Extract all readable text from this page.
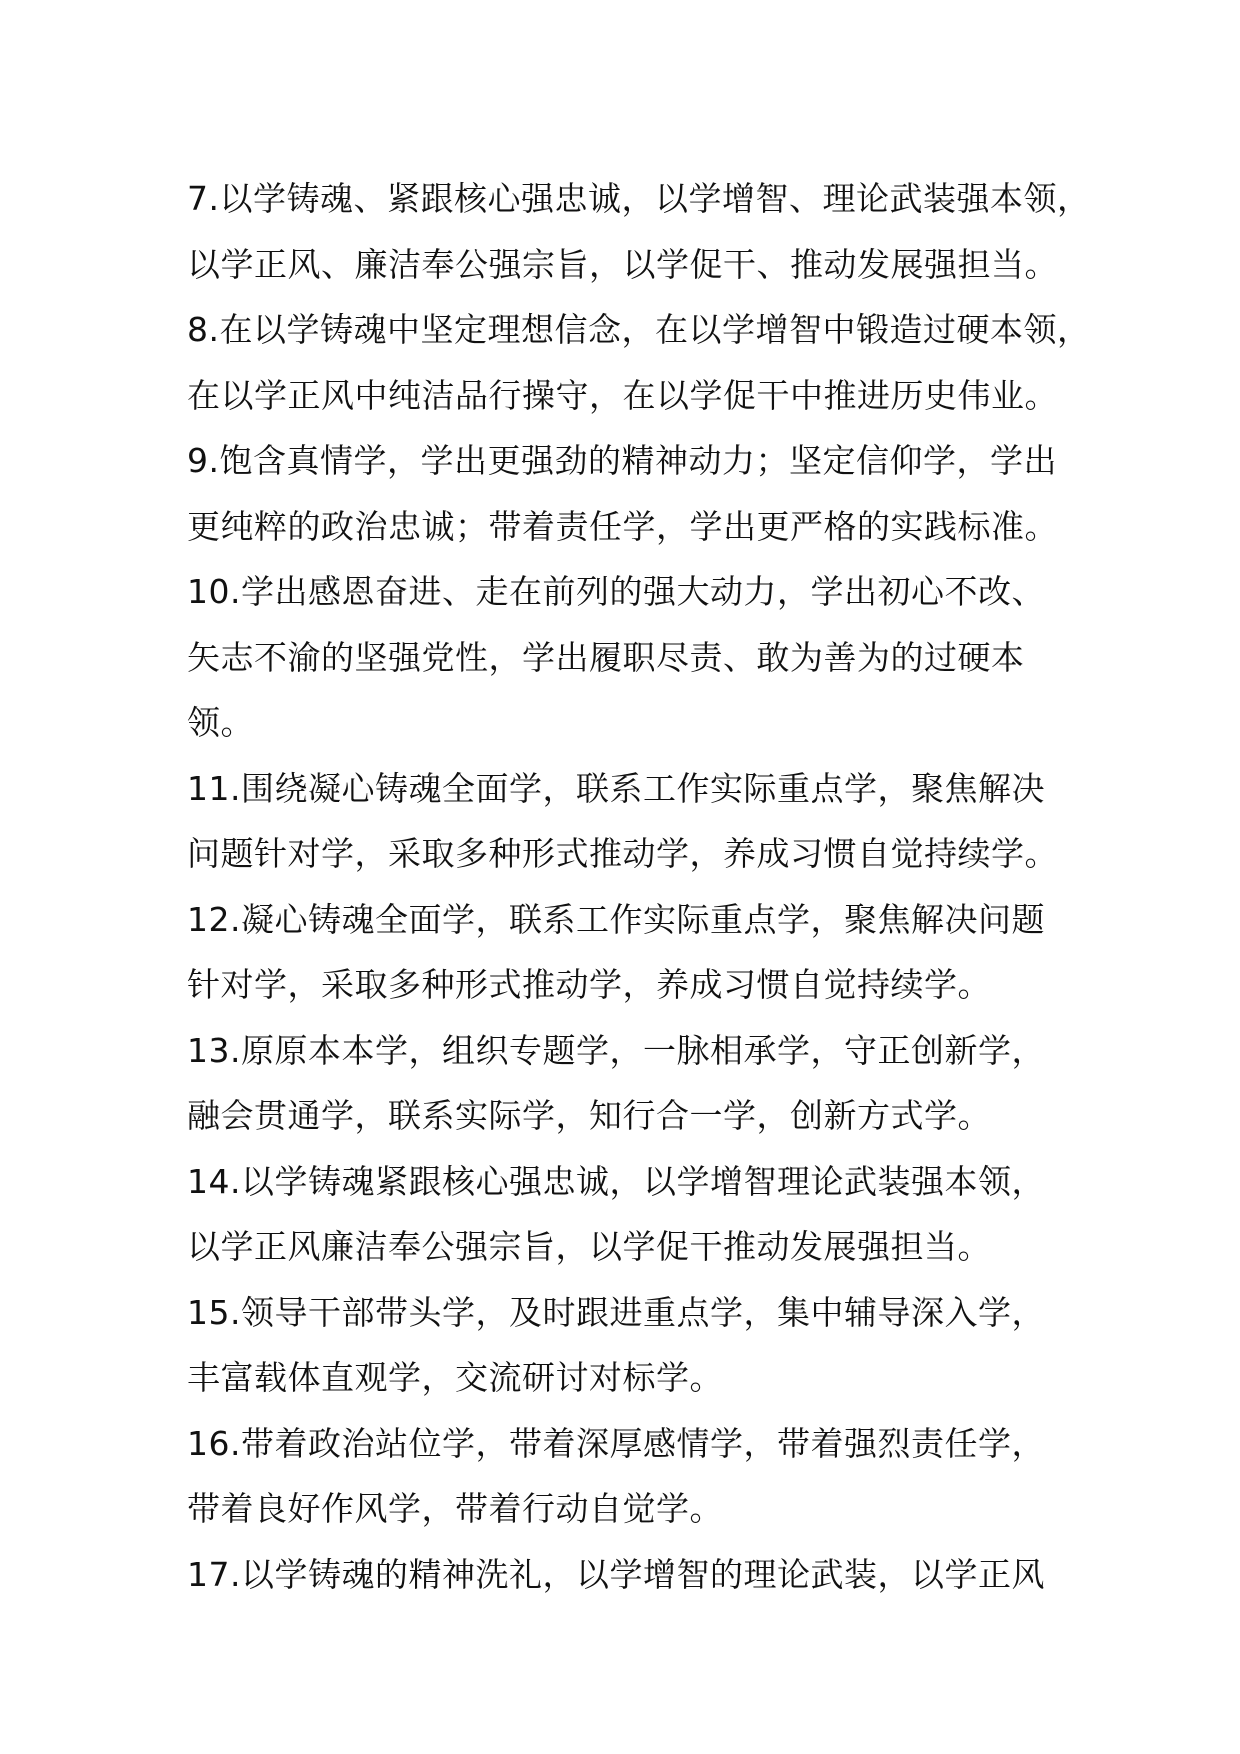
7.以学铸魂、紧跟核心强忠诚，以学增智、理论武装强本领，
以学正风、廉洁奉公强宗旨，以学促干、推动发展强担当。
8.在以学铸魂中坚定理想信念，在以学增智中锻造过硬本领，
在以学正风中纯洁品行操守，在以学促干中推进历史伟业。
9.饱含真情学，学出更强劲的精神动力；坚定信仰学，学出
更纯粹的政治忠诚；带着责任学，学出更严格的实践标准。
10.学出感恩奋进、走在前列的强大动力，学出初心不改、
矢志不渝的坚强党性，学出履职尽责、敢为善为的过硬本
领。
11.围绕凝心铸魂全面学，联系工作实际重点学，聚焦解决
问题针对学，采取多种形式推动学，养成习惯自觉持续学。
12.凝心铸魂全面学，联系工作实际重点学，聚焦解决问题
针对学，采取多种形式推动学，养成习惯自觉持续学。
13.原原本本学，组织专题学，一脉相承学，守正创新学，
融会贯通学，联系实际学，知行合一学，创新方式学。
14.以学铸魂紧跟核心强忠诚，以学增智理论武装强本领，
以学正风廉洁奉公强宗旨，以学促干推动发展强担当。
15.领导干部带头学，及时跟进重点学，集中辅导深入学，
丰富载体直观学，交流研讨对标学。
16.带着政治站位学，带着深厚感情学，带着强烈责任学，
带着良好作风学，带着行动自觉学。
17.以学铸魂的精神洗礼，以学增智的理论武装，以学正风
